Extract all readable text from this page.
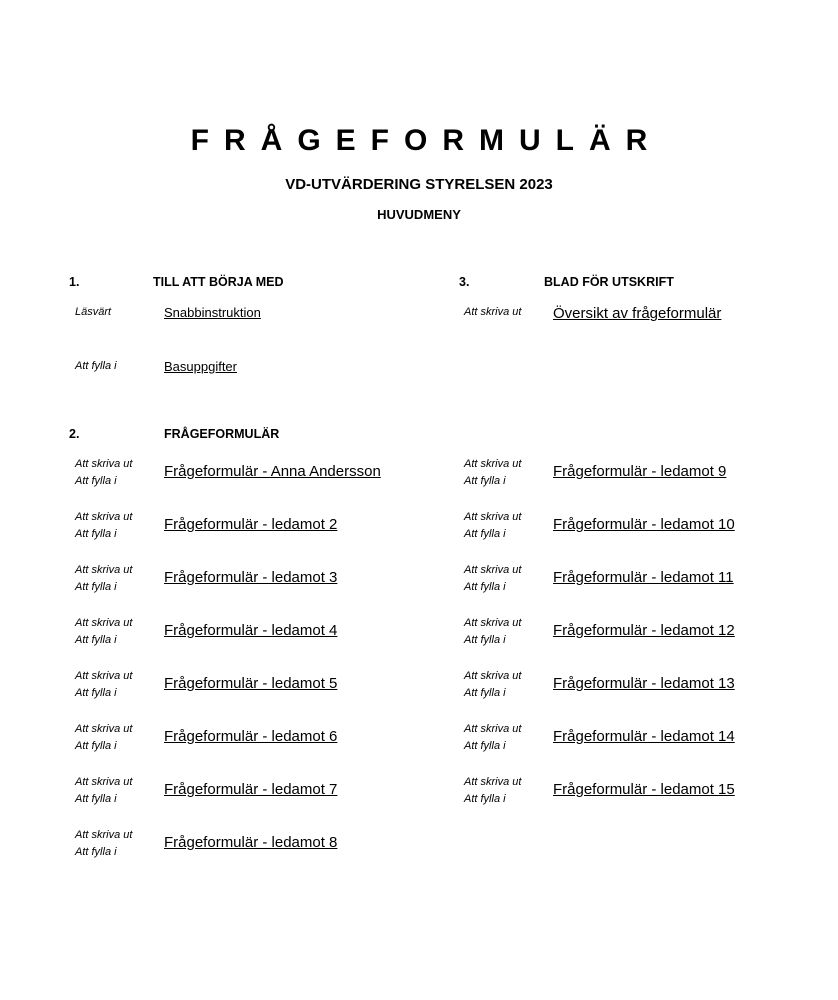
FRÅGEFORMULÄR
VD-UTVÄRDERING STYRELSEN 2023
HUVUDMENY
1.	TILL ATT BÖRJA MED
Läsvärt	Snabbinstruktion
Att fylla i	Basuppgifter
3.	BLAD FÖR UTSKRIFT
Att skriva ut Översikt av frågeformulär
2.	FRÅGEFORMULÄR
Att skriva ut
Att fylla i
Frågeformulär - Anna Andersson
Att skriva ut
Att fylla i
Frågeformulär - ledamot 2
Att skriva ut
Att fylla i
Frågeformulär - ledamot 3
Att skriva ut
Att fylla i
Frågeformulär - ledamot 4
Att skriva ut
Att fylla i
Frågeformulär - ledamot 5
Att skriva ut
Att fylla i
Frågeformulär - ledamot 6
Att skriva ut
Att fylla i
Frågeformulär - ledamot 7
Att skriva ut
Att fylla i
Frågeformulär - ledamot 8
Att skriva ut
Att fylla i
Frågeformulär - ledamot 9
Att skriva ut
Att fylla i
Frågeformulär - ledamot 10
Att skriva ut
Att fylla i
Frågeformulär - ledamot 11
Att skriva ut
Att fylla i
Frågeformulär - ledamot 12
Att skriva ut
Att fylla i
Frågeformulär - ledamot 13
Att skriva ut
Att fylla i
Frågeformulär - ledamot 14
Att skriva ut
Att fylla i
Frågeformulär - ledamot 15
